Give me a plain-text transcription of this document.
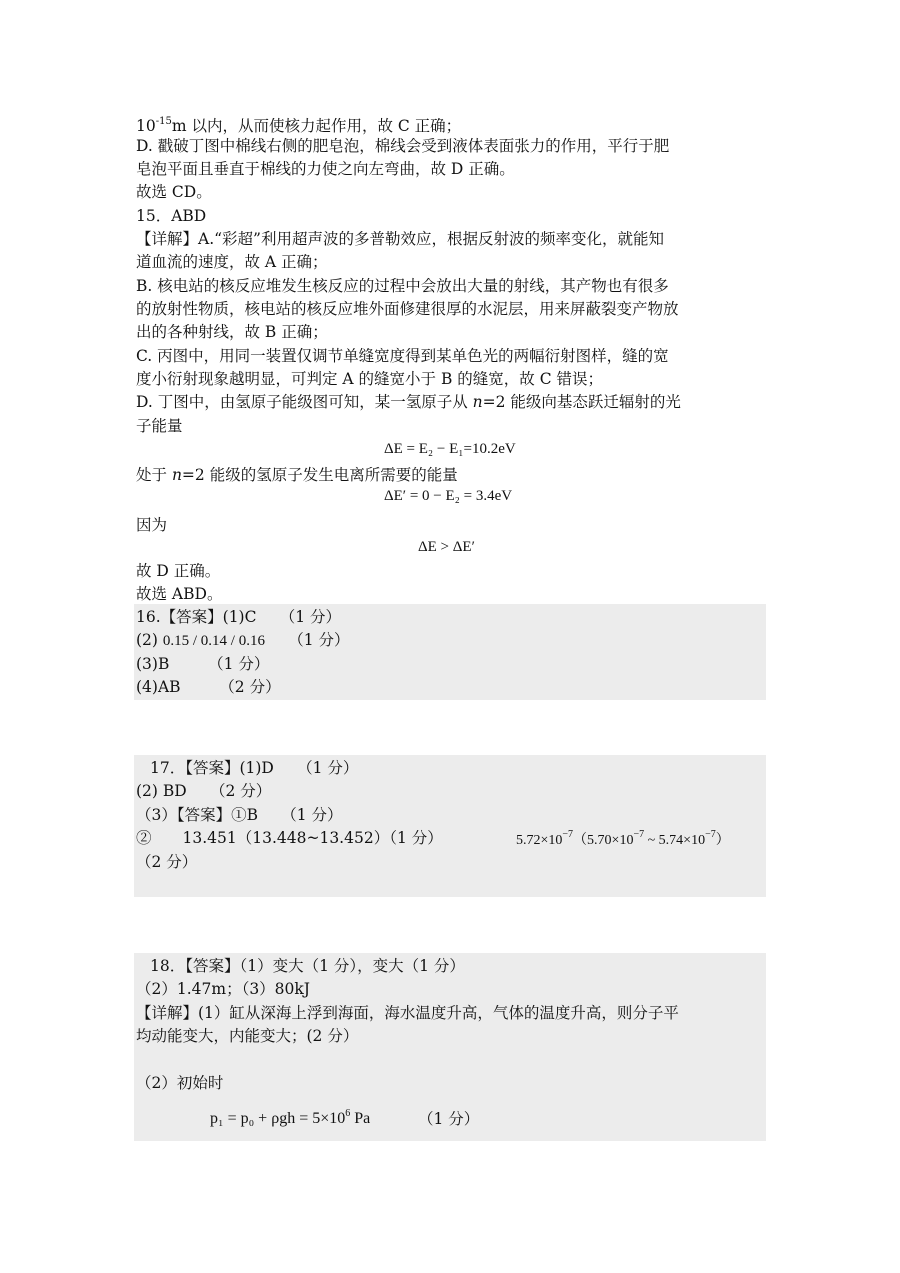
$10^{-15}m$ 以内，从而使核力起作用，故 C 正确；
D. 戳破丁图中棉线右侧的肥皂泡，棉线会受到液体表面张力的作用，平行于肥
皂泡平面且垂直于棉线的力使之向左弯曲，故 D 正确。
故选 CD。
15．ABD
【详解】A.“彩超”利用超声波的多普勒效应，根据反射波的频率变化，就能知
道血流的速度，故 A 正确；
B. 核电站的核反应堆发生核反应的过程中会放出大量的射线，其产物也有很多
的放射性物质，核电站的核反应堆外面修建很厚的水泥层，用来屏蔽裂变产物放
出的各种射线，故 B 正确；
C. 丙图中，用同一装置仅调节单缝宽度得到某单色光的两幅衍射图样，缝的宽
度小衍射现象越明显，可判定 A 的缝宽小于 B 的缝宽，故 C 错误；
D. 丁图中，由氢原子能级图可知，某一氢原子从 n=2 能级向基态跃迁辐射的光
子能量
ΔE = E₂ − E₁=10.2eV
处于 n=2 能级的氢原子发生电离所需要的能量
ΔE′ = 0 − E₂ = 3.4eV
因为
ΔE > ΔE′
故 D 正确。
故选 ABD。
16.【答案】(1)C　　（1 分）
(2) 0.15 / 0.14 / 0.16　　（1 分）
(3)B　　　（1 分）
(4)AB　　　（2 分）
17．【答案】(1)D　　（1 分）
(2) BD　　（2 分）
（3）【答案】①B　　（1 分）
②　　13.451（13.448~13.452）（1 分）	$5.72\times 10^{-7}(5.70\times 10^{-7}$ ~ $5.74\times 10^{-7}$）
（2 分）
18．【答案】（1）变大（1 分），变大（1 分）
（2）1.47m；（3）80kJ
【详解】(1）缸从深海上浮到海面，海水温度升高，气体的温度升高，则分子平
均动能变大，内能变大；(2 分）
（2）初始时
$p_1 = p_0 + \rho gh = 5\times 10^6$ Pa	（1 分）
